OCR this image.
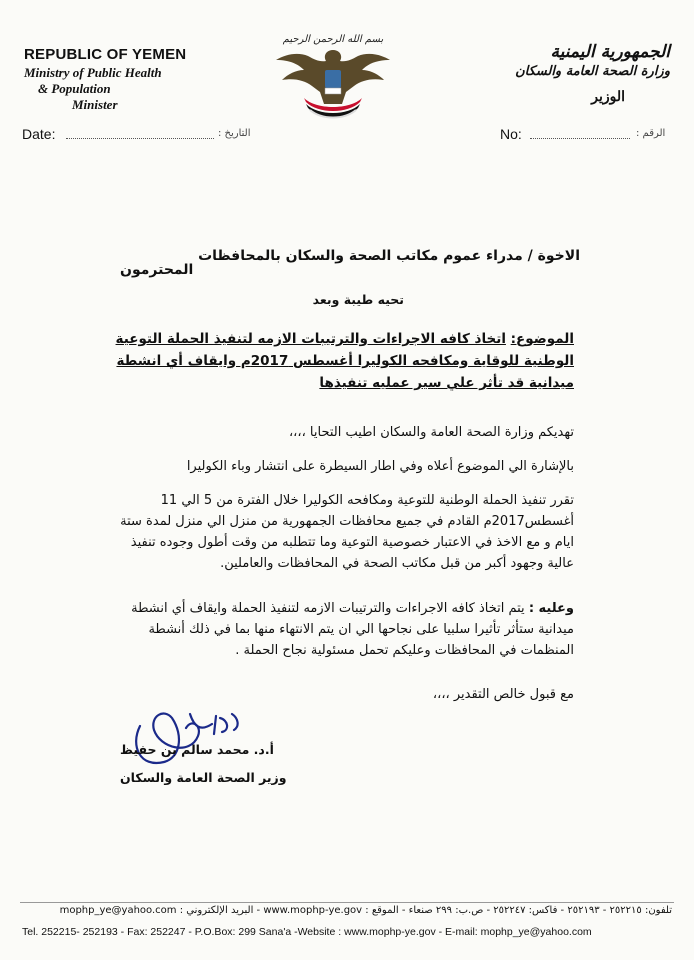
REPUBLIC OF YEMEN
Ministry of Public Health
& Population
Minister
بسم الله الرحمن الرحيم
الجمهورية اليمنية
وزارة الصحة العامة والسكان
الوزير
Date:	التاريخ :	No:	الرقم :
الاخوة / مدراء عموم مكاتب الصحة والسكان بالمحافظات
المحترمون
تحيه طيبة وبعد
الموضوع: اتخاذ كافه الاجراءات والترتيبات الازمه لتنفيذ الحملة التوعية الوطنية للوقاية ومكافحه الكوليرا أغسطس 2017م وايقاف أي انشطة ميدانية قد تأثر علي سير عمليه تنفيذها
تهديكم وزارة الصحة العامة والسكان اطيب التحايا ،،،،
بالإشارة الي الموضوع أعلاه وفي اطار السيطرة على انتشار وباء الكوليرا
تقرر تنفيذ الحملة الوطنية للتوعية ومكافحه الكوليرا خلال الفترة من 5 الي 11 أغسطس2017م القادم في جميع محافظات الجمهورية من منزل الي منزل لمدة ستة ايام و مع الاخذ في الاعتبار خصوصية التوعية وما تتطلبه من وقت أطول وجوده تنفيذ عالية وجهود أكبر من قبل مكاتب الصحة في المحافظات والعاملين.
وعليه : يتم اتخاذ كافه الاجراءات والترتيبات الازمه لتنفيذ الحملة وايقاف أي انشطة ميدانية ستأثر تأثيرا سلبيا على نجاحها الي ان يتم الانتهاء منها بما في ذلك أنشطة المنظمات في المحافظات وعليكم تحمل مسئولية نجاح الحملة .
مع قبول خالص التقدير ،،،،
أ.د. محمد سالم بن حفيظ
وزير الصحة العامة والسكان
تلفون: ٢٥٢٢١٥ - ٢٥٢١٩٣ - فاكس: ٢٥٢٢٤٧ - ص.ب: ٢٩٩ صنعاء - الموقع : www.mophp-ye.gov - البريد الإلكتروني : mophp_ye@yahoo.com
Tel. 252215- 252193 - Fax: 252247 - P.O.Box: 299 Sana'a -Website : www.mophp-ye.gov - E-mail: mophp_ye@yahoo.com
